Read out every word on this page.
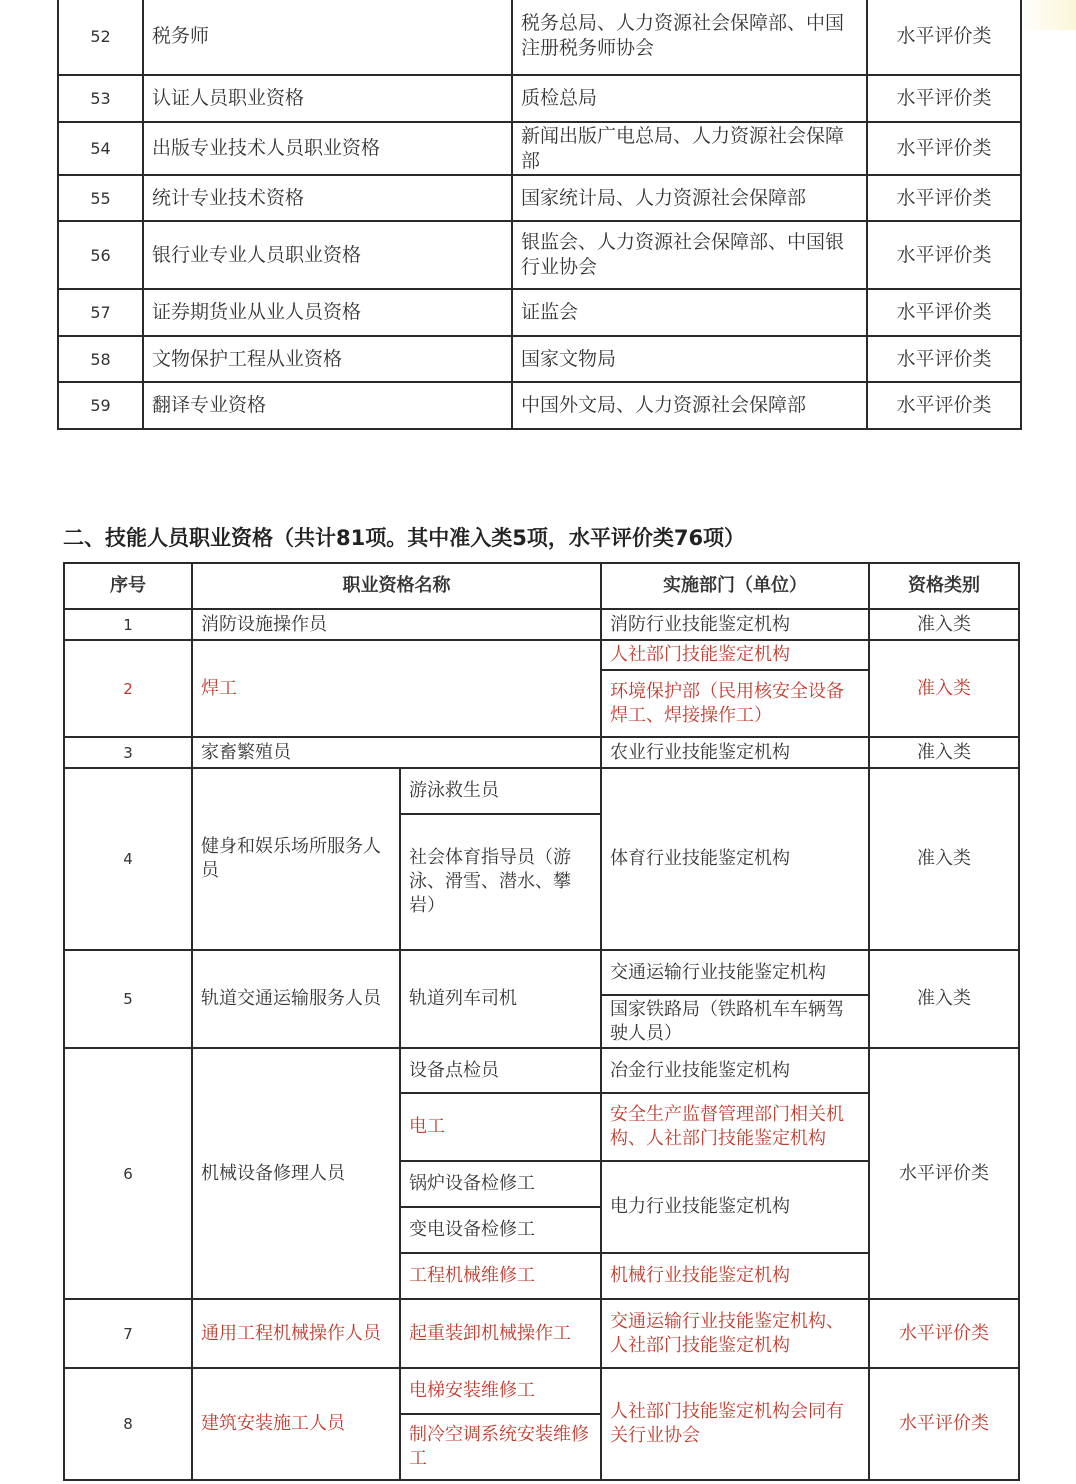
52	税务师	税务总局、人力资源社会保障部、中国注册税务师协会	水平评价类
53	认证人员职业资格	质检总局	水平评价类
54	出版专业技术人员职业资格	新闻出版广电总局、人力资源社会保障部	水平评价类
55	统计专业技术资格	国家统计局、人力资源社会保障部	水平评价类
56	银行业专业人员职业资格	银监会、人力资源社会保障部、中国银行业协会	水平评价类
57	证券期货业从业人员资格	证监会	水平评价类
58	文物保护工程从业资格	国家文物局	水平评价类
59	翻译专业资格	中国外文局、人力资源社会保障部	水平评价类
二、技能人员职业资格（共计81项。其中准入类5项，水平评价类76项）
序号	职业资格名称		实施部门（单位）	资格类别
1	消防设施操作员		消防行业技能鉴定机构	准入类
2	焊工		人社部门技能鉴定机构	准入类
			环境保护部（民用核安全设备焊工、焊接操作工）	
3	家畜繁殖员		农业行业技能鉴定机构	准入类
4	健身和娱乐场所服务人员	游泳救生员	体育行业技能鉴定机构	准入类
		社会体育指导员（游泳、滑雪、潜水、攀岩）		
5	轨道交通运输服务人员	轨道列车司机	交通运输行业技能鉴定机构	准入类
			国家铁路局（铁路机车车辆驾驶人员）	
6	机械设备修理人员	设备点检员	冶金行业技能鉴定机构	水平评价类
		电工	安全生产监督管理部门相关机构、人社部门技能鉴定机构	
		锅炉设备检修工	电力行业技能鉴定机构	
		变电设备检修工		
		工程机械维修工	机械行业技能鉴定机构	
7	通用工程机械操作人员	起重装卸机械操作工	交通运输行业技能鉴定机构、人社部门技能鉴定机构	水平评价类
8	建筑安装施工人员	电梯安装维修工	人社部门技能鉴定机构会同有关行业协会	水平评价类
		制冷空调系统安装维修工		
